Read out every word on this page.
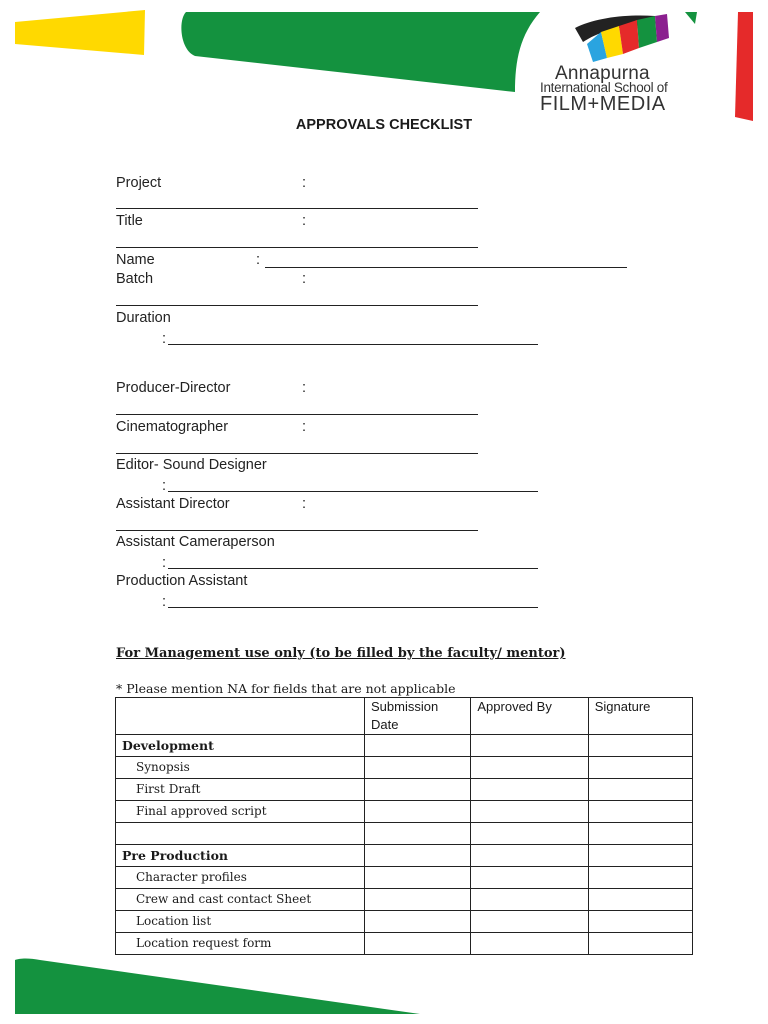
Annapurna
International School of
FILM+MEDIA
APPROVALS CHECKLIST
Project	:
Title	:
Name	:
Batch	:
Duration
:
Producer-Director	:
Cinematographer	:
Editor- Sound Designer
:
Assistant Director	:
Assistant Cameraperson
:
Production Assistant
:
For Management use only (to be filled by the faculty/ mentor)
* Please mention NA for fields that are not applicable
	Submission Date	Approved By	Signature
Development			
Synopsis			
First Draft			
Final approved script			

Pre Production			
Character profiles			
Crew and cast contact Sheet			
Location list			
Location request form			
